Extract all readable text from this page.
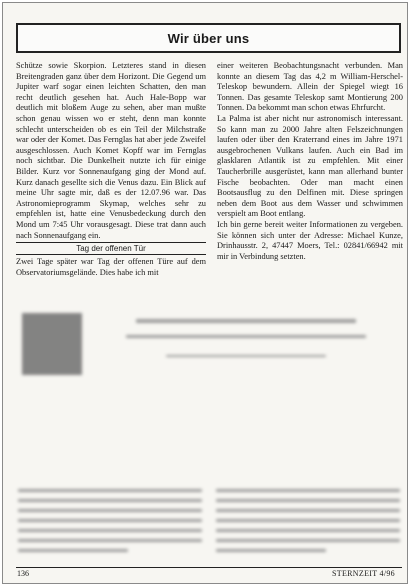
Wir über uns

Schütze sowie Skorpion. Letzteres stand in diesen Breitengraden ganz über dem Horizont. Die Gegend um Jupiter warf sogar einen leichten Schatten, den man recht deutlich gesehen hat. Auch Hale-Bopp war deutlich mit bloßem Auge zu sehen, aber man mußte schon genau wissen wo er steht, denn man konnte schlecht unterscheiden ob es ein Teil der Milchstraße war oder der Komet. Das Fernglas hat aber jede Zweifel ausgeschlossen. Auch Komet Kopff war im Fernglas noch sichtbar. Die Dunkelheit nutzte ich für einige Bilder. Kurz vor Sonnenaufgang ging der Mond auf. Kurz danach gesellte sich die Venus dazu. Ein Blick auf meine Uhr sagte mir, daß es der 12.07.96 war. Das Astronomieprogramm Skymap, welches sehr zu empfehlen ist, hatte eine Venusbedeckung durch den Mond um 7:45 Uhr vorausgesagt. Diese trat dann auch nach Sonnenaufgang ein.

Tag der offenen Tür

Zwei Tage später war Tag der offenen Türe auf dem Observatoriumsgelände. Dies habe ich mit

einer weiteren Beobachtungsnacht verbunden. Man konnte an diesem Tag das 4,2 m William-Herschel-Teleskop bewundern. Allein der Spiegel wiegt 16 Tonnen. Das gesamte Teleskop samt Montierung 200 Tonnen. Da bekommt man schon etwas Ehrfurcht.

La Palma ist aber nicht nur astronomisch interessant. So kann man zu 2000 Jahre alten Felszeichnungen laufen oder über den Kraterrand eines im Jahre 1971 ausgebrochenen Vulkans laufen. Auch ein Bad im glasklaren Atlantik ist zu empfehlen. Mit einer Taucherbrille ausgerüstet, kann man allerhand bunter Fische beobachten. Oder man macht einen Bootsausflug zu den Delfinen mit. Diese springen neben dem Boot aus dem Wasser und schwimmen verspielt am Boot entlang.

Ich bin gerne bereit weiter Informationen zu vergeben. Sie können sich unter der Adresse: Michael Kunze, Drinhausstr. 2, 47447 Moers, Tel.: 02841/66942 mit mir in Verbindung setzten.

136	STERNZEIT 4/96
